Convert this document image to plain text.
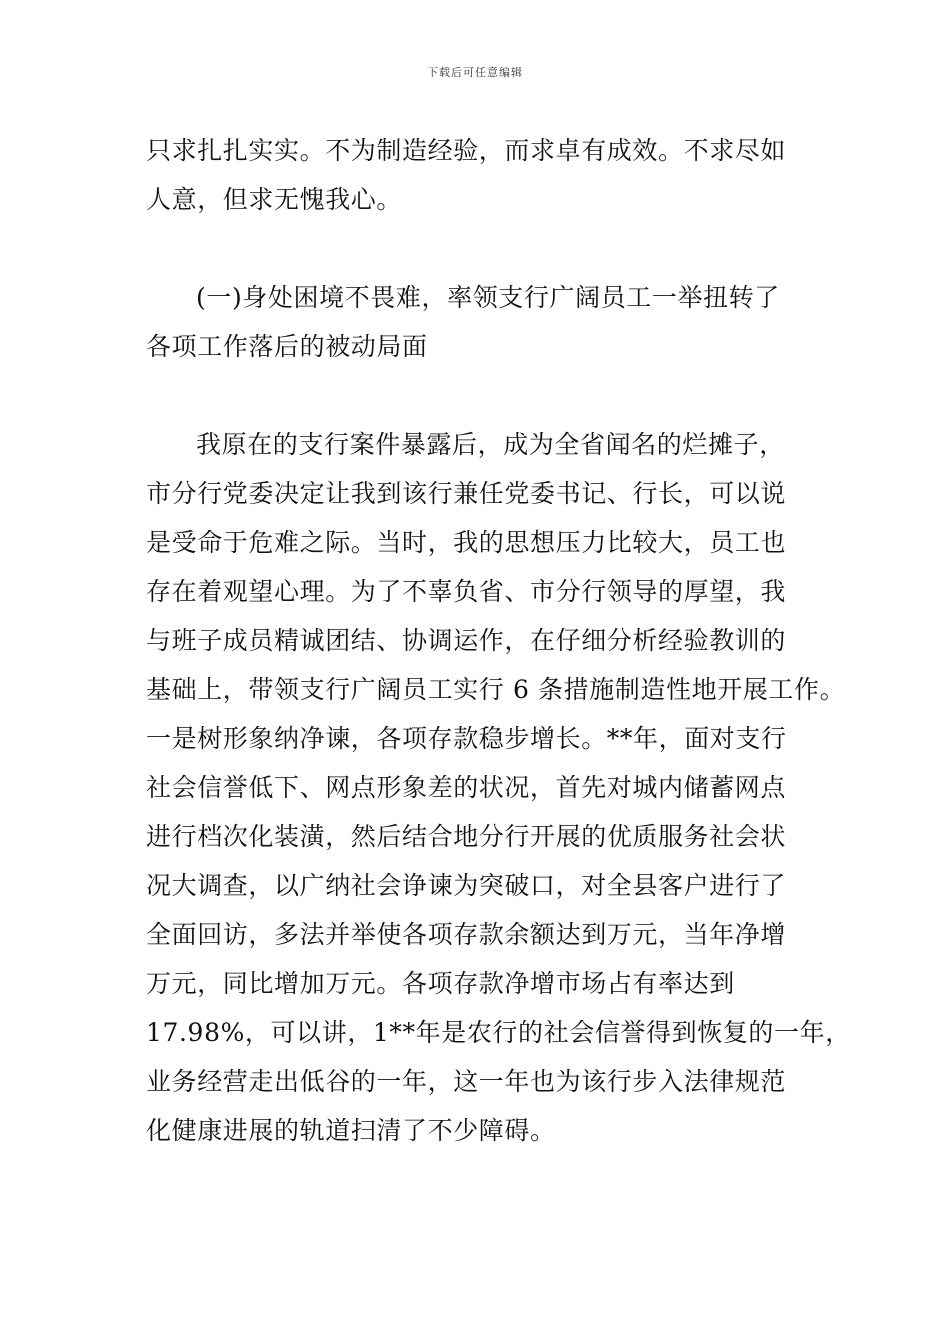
下载后可任意编辑
只求扎扎实实。不为制造经验，而求卓有成效。不求尽如
人意，但求无愧我心。
(一)身处困境不畏难，率领支行广阔员工一举扭转了
各项工作落后的被动局面
我原在的支行案件暴露后，成为全省闻名的烂摊子，
市分行党委决定让我到该行兼任党委书记、行长，可以说
是受命于危难之际。当时，我的思想压力比较大，员工也
存在着观望心理。为了不辜负省、市分行领导的厚望，我
与班子成员精诚团结、协调运作，在仔细分析经验教训的
基础上，带领支行广阔员工实行 6 条措施制造性地开展工作。
一是树形象纳净谏，各项存款稳步增长。**年，面对支行
社会信誉低下、网点形象差的状况，首先对城内储蓄网点
进行档次化装潢，然后结合地分行开展的优质服务社会状
况大调查，以广纳社会诤谏为突破口，对全县客户进行了
全面回访，多法并举使各项存款余额达到万元，当年净增
万元，同比增加万元。各项存款净增市场占有率达到
17.98%，可以讲，1**年是农行的社会信誉得到恢复的一年，
业务经营走出低谷的一年，这一年也为该行步入法律规范
化健康进展的轨道扫清了不少障碍。
